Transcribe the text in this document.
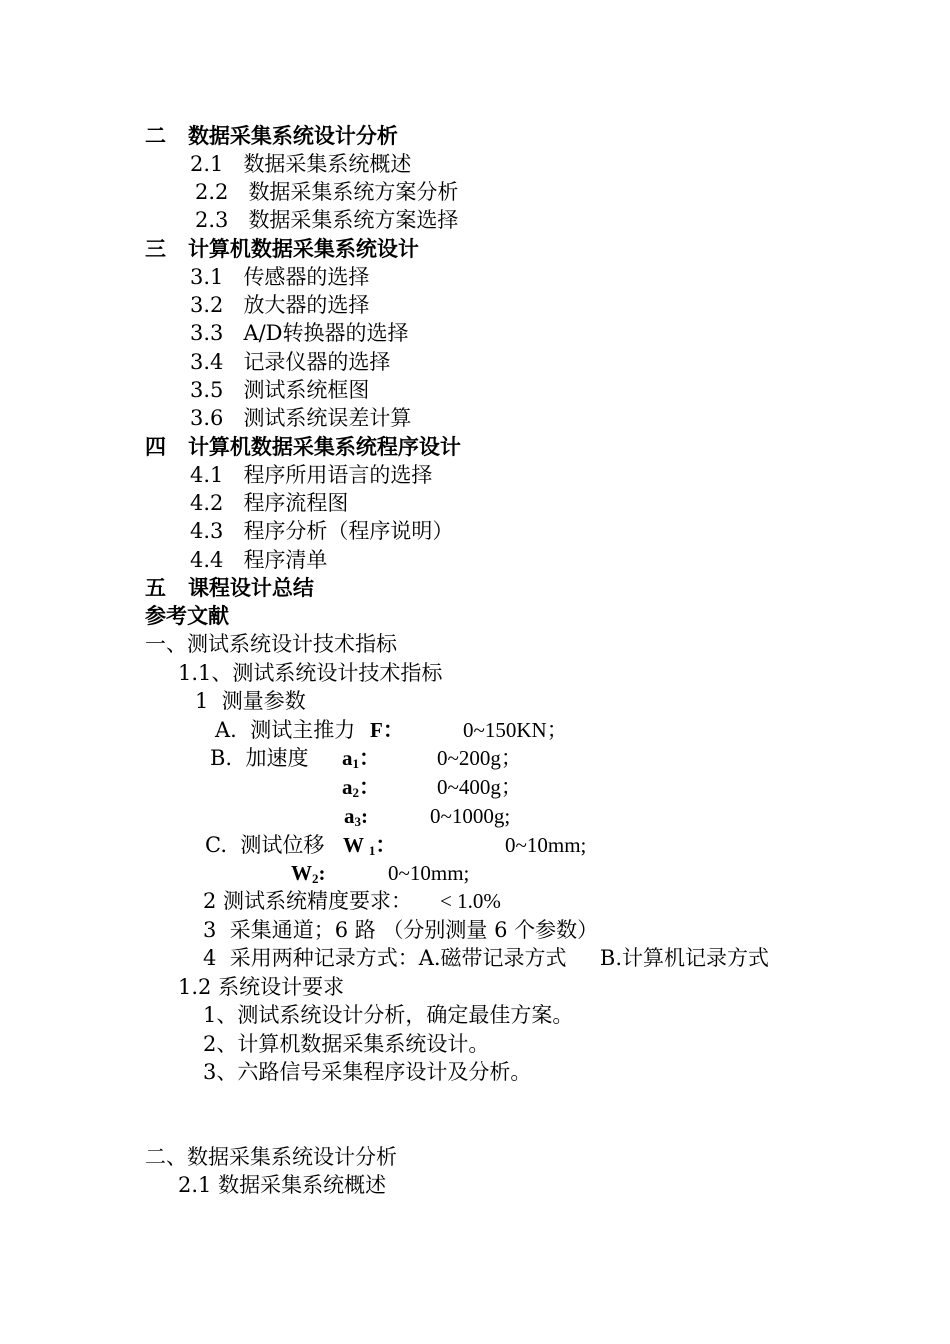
二 数据采集系统设计分析
2.1 数据采集系统概述
2.2 数据采集系统方案分析
2.3 数据采集系统方案选择
三 计算机数据采集系统设计
3.1 传感器的选择
3.2 放大器的选择
3.3 A/D转换器的选择
3.4 记录仪器的选择
3.5 测试系统框图
3.6 测试系统误差计算
四 计算机数据采集系统程序设计
4.1 程序所用语言的选择
4.2 程序流程图
4.3 程序分析（程序说明）
4.4 程序清单
五 课程设计总结
参考文献
一、测试系统设计技术指标
1.1、测试系统设计技术指标
1  测量参数
A.  测试主推力 F：	0~150KN；
B.  加速度 $a_1$：	0~200g；
$a_2$：	0~400g；
$a_3$:	0~1000g;
C.  测试位移 W $_1$：	0~10mm;
$W_2$:	0~10mm;
2 测试系统精度要求： < 1.0%
3  采集通道；6 路 （分别测量 6 个参数）
4  采用两种记录方式：A.磁带记录方式     B.计算机记录方式
1.2 系统设计要求
1、测试系统设计分析，确定最佳方案。
2、计算机数据采集系统设计。
3、六路信号采集程序设计及分析。
二、数据采集系统设计分析
2.1 数据采集系统概述
